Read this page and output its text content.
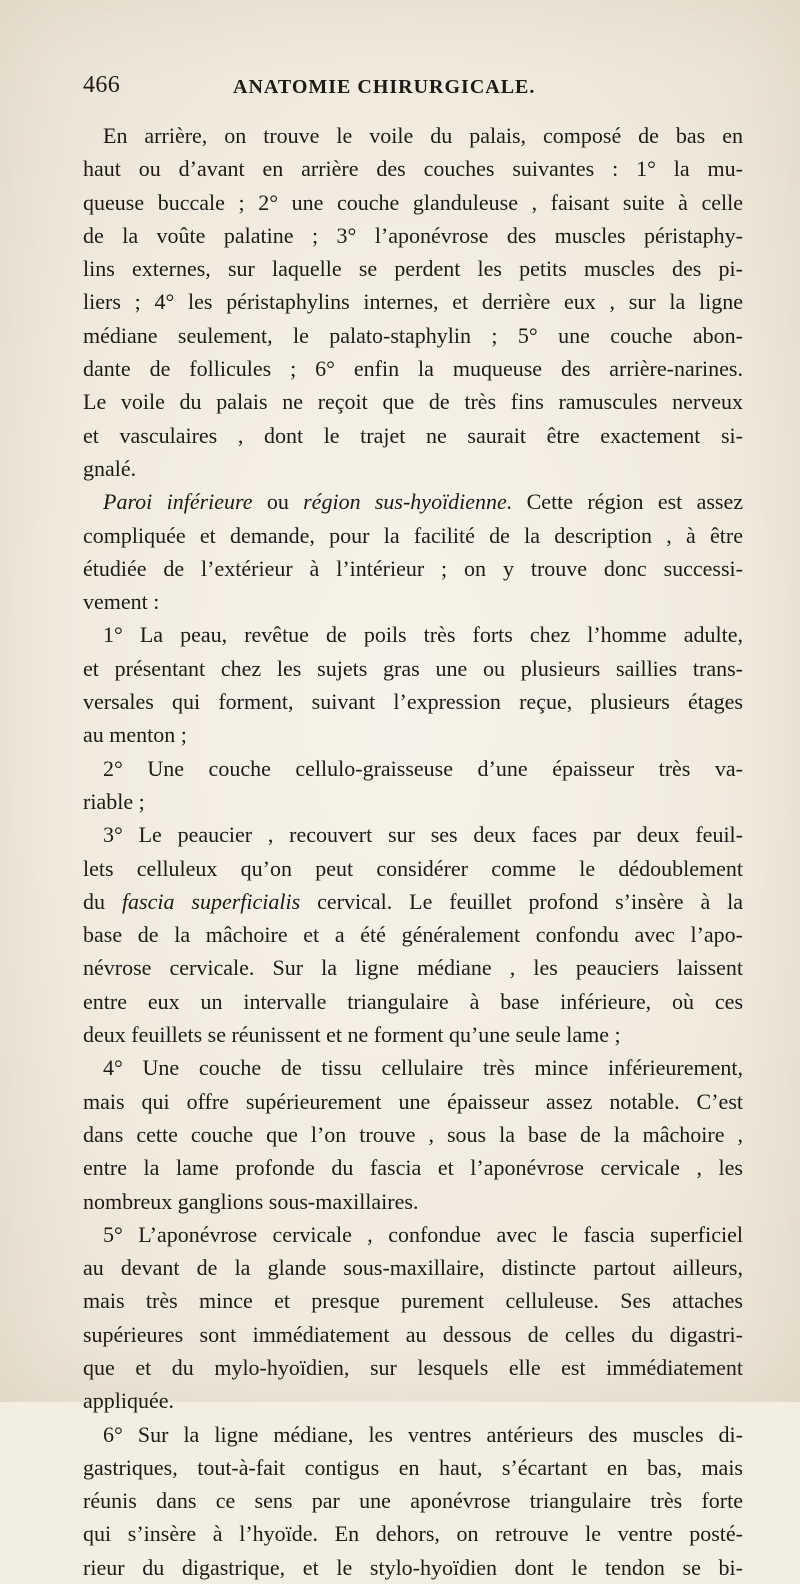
466	ANATOMIE CHIRURGICALE.
En arrière, on trouve le voile du palais, composé de bas en
haut ou d’avant en arrière des couches suivantes : 1° la mu-
queuse buccale ; 2° une couche glanduleuse , faisant suite à celle
de la voûte palatine ; 3° l’aponévrose des muscles péristaphy-
lins externes, sur laquelle se perdent les petits muscles des pi-
liers ; 4° les péristaphylins internes, et derrière eux , sur la ligne
médiane seulement, le palato-staphylin ; 5° une couche abon-
dante de follicules ; 6° enfin la muqueuse des arrière-narines.
Le voile du palais ne reçoit que de très fins ramuscules nerveux
et vasculaires , dont le trajet ne saurait être exactement si-
gnalé.
Paroi inférieure ou région sus-hyoïdienne. Cette région est assez
compliquée et demande, pour la facilité de la description , à être
étudiée de l’extérieur à l’intérieur ; on y trouve donc successi-
vement :
1° La peau, revêtue de poils très forts chez l’homme adulte,
et présentant chez les sujets gras une ou plusieurs saillies trans-
versales qui forment, suivant l’expression reçue, plusieurs étages
au menton ;
2° Une couche cellulo-graisseuse d’une épaisseur très va-
riable ;
3° Le peaucier , recouvert sur ses deux faces par deux feuil-
lets celluleux qu’on peut considérer comme le dédoublement
du fascia superficialis cervical. Le feuillet profond s’insère à la
base de la mâchoire et a été généralement confondu avec l’apo-
névrose cervicale. Sur la ligne médiane , les peauciers laissent
entre eux un intervalle triangulaire à base inférieure, où ces
deux feuillets se réunissent et ne forment qu’une seule lame ;
4° Une couche de tissu cellulaire très mince inférieurement,
mais qui offre supérieurement une épaisseur assez notable. C’est
dans cette couche que l’on trouve , sous la base de la mâchoire ,
entre la lame profonde du fascia et l’aponévrose cervicale , les
nombreux ganglions sous-maxillaires.
5° L’aponévrose cervicale , confondue avec le fascia superficiel
au devant de la glande sous-maxillaire, distincte partout ailleurs,
mais très mince et presque purement celluleuse. Ses attaches
supérieures sont immédiatement au dessous de celles du digastri-
que et du mylo-hyoïdien, sur lesquels elle est immédiatement
appliquée.
6° Sur la ligne médiane, les ventres antérieurs des muscles di-
gastriques, tout-à-fait contigus en haut, s’écartant en bas, mais
réunis dans ce sens par une aponévrose triangulaire très forte
qui s’insère à l’hyoïde. En dehors, on retrouve le ventre posté-
rieur du digastrique, et le stylo-hyoïdien dont le tendon se bi-
